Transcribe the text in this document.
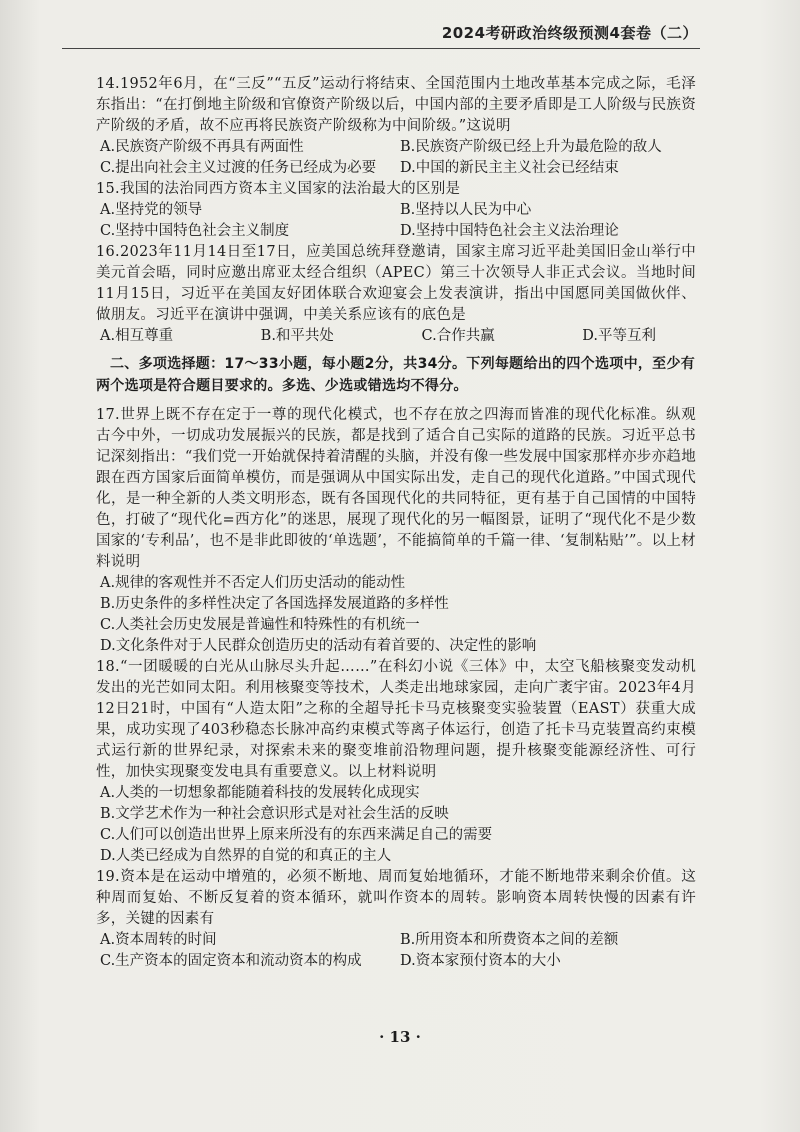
2024考研政治终级预测4套卷（二）
14.1952年6月，在“三反”“五反”运动行将结束、全国范围内土地改革基本完成之际，毛泽东指出：“在打倒地主阶级和官僚资产阶级以后，中国内部的主要矛盾即是工人阶级与民族资产阶级的矛盾，故不应再将民族资产阶级称为中间阶级。”这说明
A.民族资产阶级不再具有两面性	B.民族资产阶级已经上升为最危险的敌人
C.提出向社会主义过渡的任务已经成为必要	D.中国的新民主主义社会已经结束
15.我国的法治同西方资本主义国家的法治最大的区别是
A.坚持党的领导	B.坚持以人民为中心
C.坚持中国特色社会主义制度	D.坚持中国特色社会主义法治理论
16.2023年11月14日至17日，应美国总统拜登邀请，国家主席习近平赴美国旧金山举行中美元首会晤，同时应邀出席亚太经合组织（APEC）第三十次领导人非正式会议。当地时间11月15日，习近平在美国友好团体联合欢迎宴会上发表演讲，指出中国愿同美国做伙伴、做朋友。习近平在演讲中强调，中美关系应该有的底色是
A.相互尊重	B.和平共处	C.合作共赢	D.平等互利
二、多项选择题：17～33小题，每小题2分，共34分。下列每题给出的四个选项中，至少有两个选项是符合题目要求的。多选、少选或错选均不得分。
17.世界上既不存在定于一尊的现代化模式，也不存在放之四海而皆准的现代化标准。纵观古今中外，一切成功发展振兴的民族，都是找到了适合自己实际的道路的民族。习近平总书记深刻指出：“我们党一开始就保持着清醒的头脑，并没有像一些发展中国家那样亦步亦趋地跟在西方国家后面简单模仿，而是强调从中国实际出发，走自己的现代化道路。”中国式现代化，是一种全新的人类文明形态，既有各国现代化的共同特征，更有基于自己国情的中国特色，打破了“现代化=西方化”的迷思，展现了现代化的另一幅图景，证明了“现代化不是少数国家的‘专利品’，也不是非此即彼的‘单选题’，不能搞简单的千篇一律、‘复制粘贴’”。以上材料说明
A.规律的客观性并不否定人们历史活动的能动性
B.历史条件的多样性决定了各国选择发展道路的多样性
C.人类社会历史发展是普遍性和特殊性的有机统一
D.文化条件对于人民群众创造历史的活动有着首要的、决定性的影响
18.“一团暖暖的白光从山脉尽头升起……”在科幻小说《三体》中，太空飞船核聚变发动机发出的光芒如同太阳。利用核聚变等技术，人类走出地球家园，走向广袤宇宙。2023年4月12日21时，中国有“人造太阳”之称的全超导托卡马克核聚变实验装置（EAST）获重大成果，成功实现了403秒稳态长脉冲高约束模式等离子体运行，创造了托卡马克装置高约束模式运行新的世界纪录，对探索未来的聚变堆前沿物理问题，提升核聚变能源经济性、可行性，加快实现聚变发电具有重要意义。以上材料说明
A.人类的一切想象都能随着科技的发展转化成现实
B.文学艺术作为一种社会意识形式是对社会生活的反映
C.人们可以创造出世界上原来所没有的东西来满足自己的需要
D.人类已经成为自然界的自觉的和真正的主人
19.资本是在运动中增殖的，必须不断地、周而复始地循环，才能不断地带来剩余价值。这种周而复始、不断反复着的资本循环，就叫作资本的周转。影响资本周转快慢的因素有许多，关键的因素有
A.资本周转的时间	B.所用资本和所费资本之间的差额
C.生产资本的固定资本和流动资本的构成	D.资本家预付资本的大小
· 13 ·
